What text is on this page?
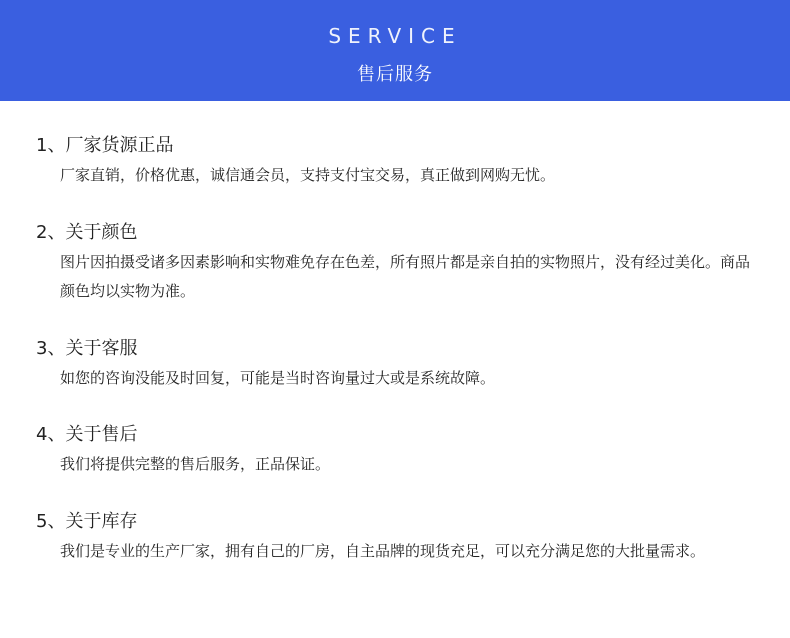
SERVICE
售后服务
1、厂家货源正品
厂家直销，价格优惠，诚信通会员，支持支付宝交易，真正做到网购无忧。
2、关于颜色
图片因拍摄受诸多因素影响和实物难免存在色差，所有照片都是亲自拍的实物照片，没有经过美化。商品颜色均以实物为准。
3、关于客服
如您的咨询没能及时回复，可能是当时咨询量过大或是系统故障。
4、关于售后
我们将提供完整的售后服务，正品保证。
5、关于库存
我们是专业的生产厂家，拥有自己的厂房，自主品牌的现货充足，可以充分满足您的大批量需求。
